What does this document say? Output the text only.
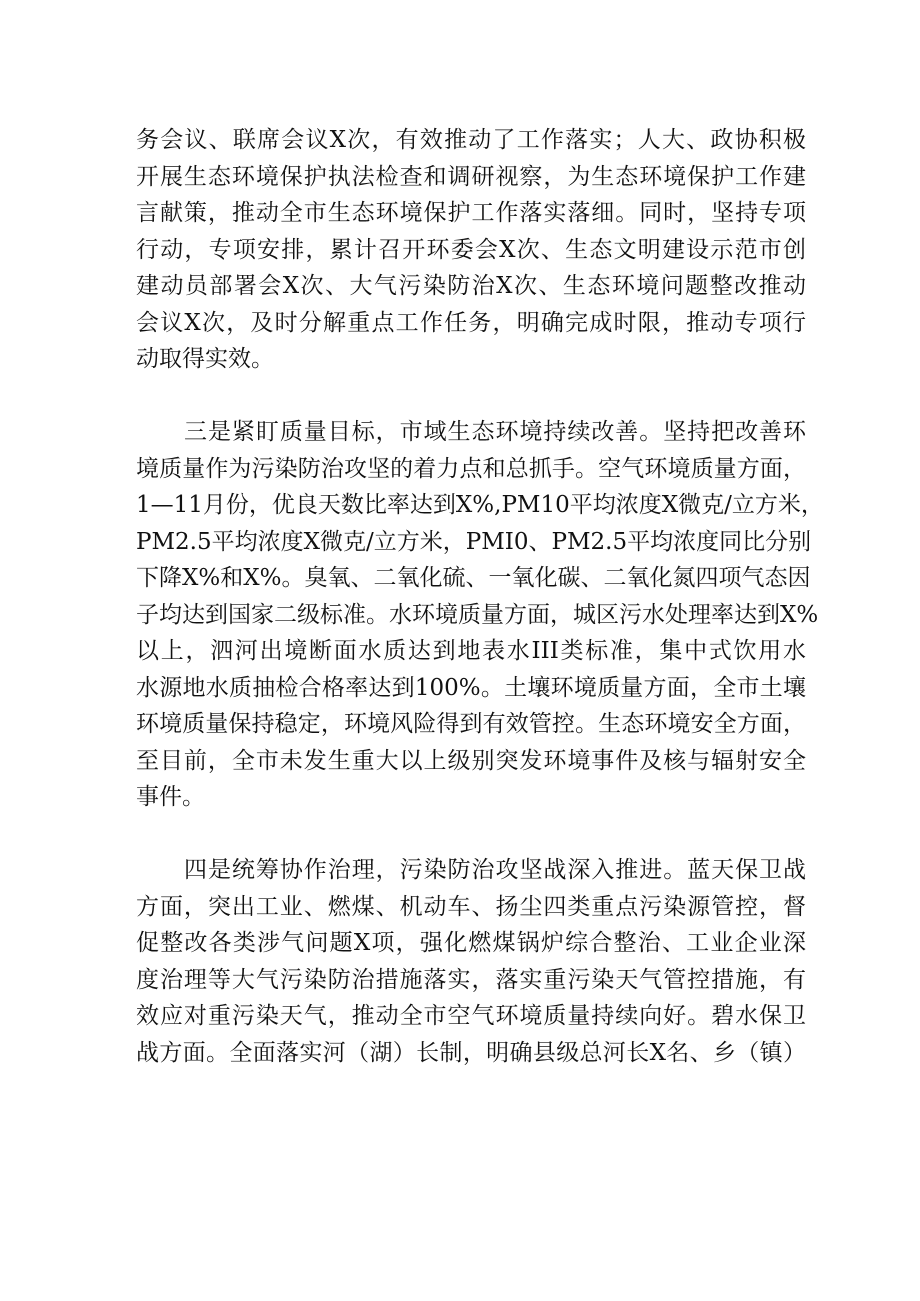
务会议、联席会议X次，有效推动了工作落实；人大、政协积极
开展生态环境保护执法检查和调研视察，为生态环境保护工作建
言献策，推动全市生态环境保护工作落实落细。同时，坚持专项
行动，专项安排，累计召开环委会X次、生态文明建设示范市创
建动员部署会X次、大气污染防治X次、生态环境问题整改推动
会议X次，及时分解重点工作任务，明确完成时限，推动专项行
动取得实效。
三是紧盯质量目标，市域生态环境持续改善。坚持把改善环
境质量作为污染防治攻坚的着力点和总抓手。空气环境质量方面，
1—11月份，优良天数比率达到X%,PM10平均浓度X微克/立方米，
PM2.5平均浓度X微克/立方米，PMI0、PM2.5平均浓度同比分别
下降X%和X%。臭氧、二氧化硫、一氧化碳、二氧化氮四项气态因
子均达到国家二级标准。水环境质量方面，城区污水处理率达到X%
以上，泗河出境断面水质达到地表水III类标准，集中式饮用水
水源地水质抽检合格率达到100%。土壤环境质量方面，全市土壤
环境质量保持稳定，环境风险得到有效管控。生态环境安全方面，
至目前，全市未发生重大以上级别突发环境事件及核与辐射安全
事件。
四是统筹协作治理，污染防治攻坚战深入推进。蓝天保卫战
方面，突出工业、燃煤、机动车、扬尘四类重点污染源管控，督
促整改各类涉气问题X项，强化燃煤锅炉综合整治、工业企业深
度治理等大气污染防治措施落实，落实重污染天气管控措施，有
效应对重污染天气，推动全市空气环境质量持续向好。碧水保卫
战方面。全面落实河（湖）长制，明确县级总河长X名、乡（镇）
